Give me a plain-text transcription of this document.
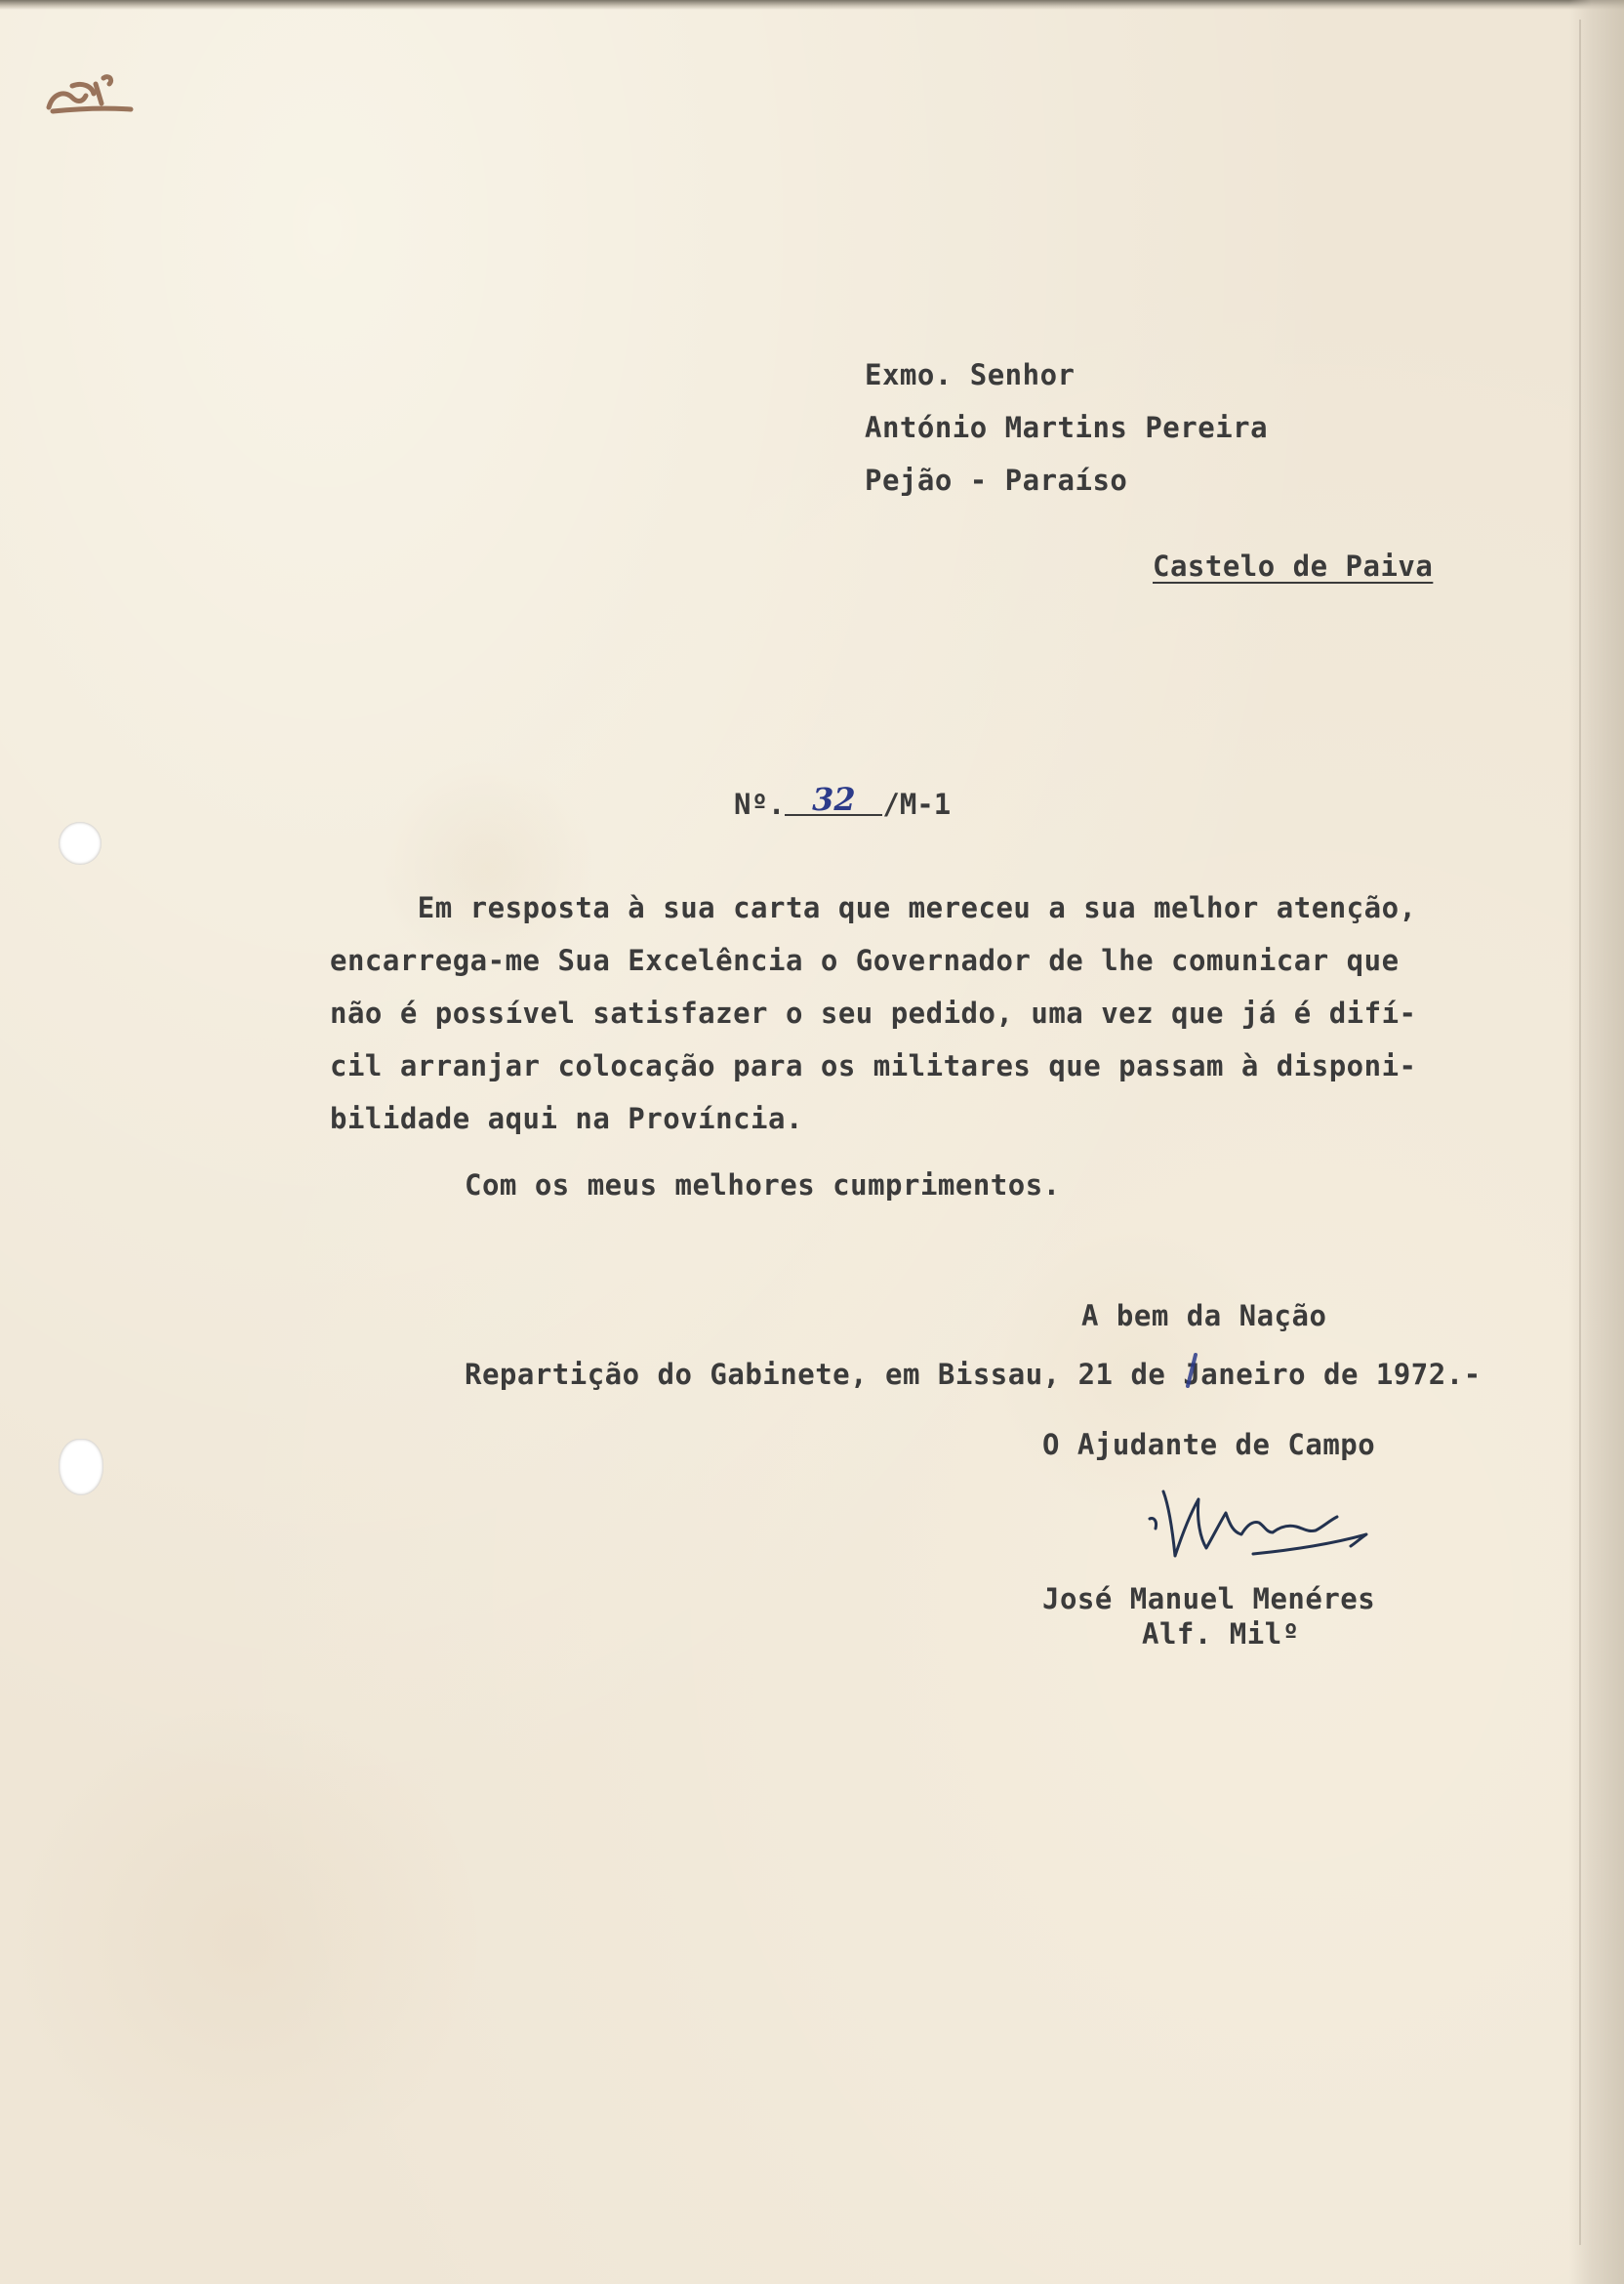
Exmo. Senhor
António Martins Pereira
Pejão - Paraíso
Castelo de Paiva
Nº. 32 /M-1
Em resposta à sua carta que mereceu a sua melhor atenção,
encarrega-me Sua Excelência o Governador de lhe comunicar que
não é possível satisfazer o seu pedido, uma vez que já é difí-
cil arranjar colocação para os militares que passam à disponi-
bilidade aqui na Província.
Com os meus melhores cumprimentos.
A bem da Nação
Repartição do Gabinete, em Bissau, 21 de Janeiro de 1972.-
O Ajudante de Campo
José Manuel Menéres
Alf. Milº
